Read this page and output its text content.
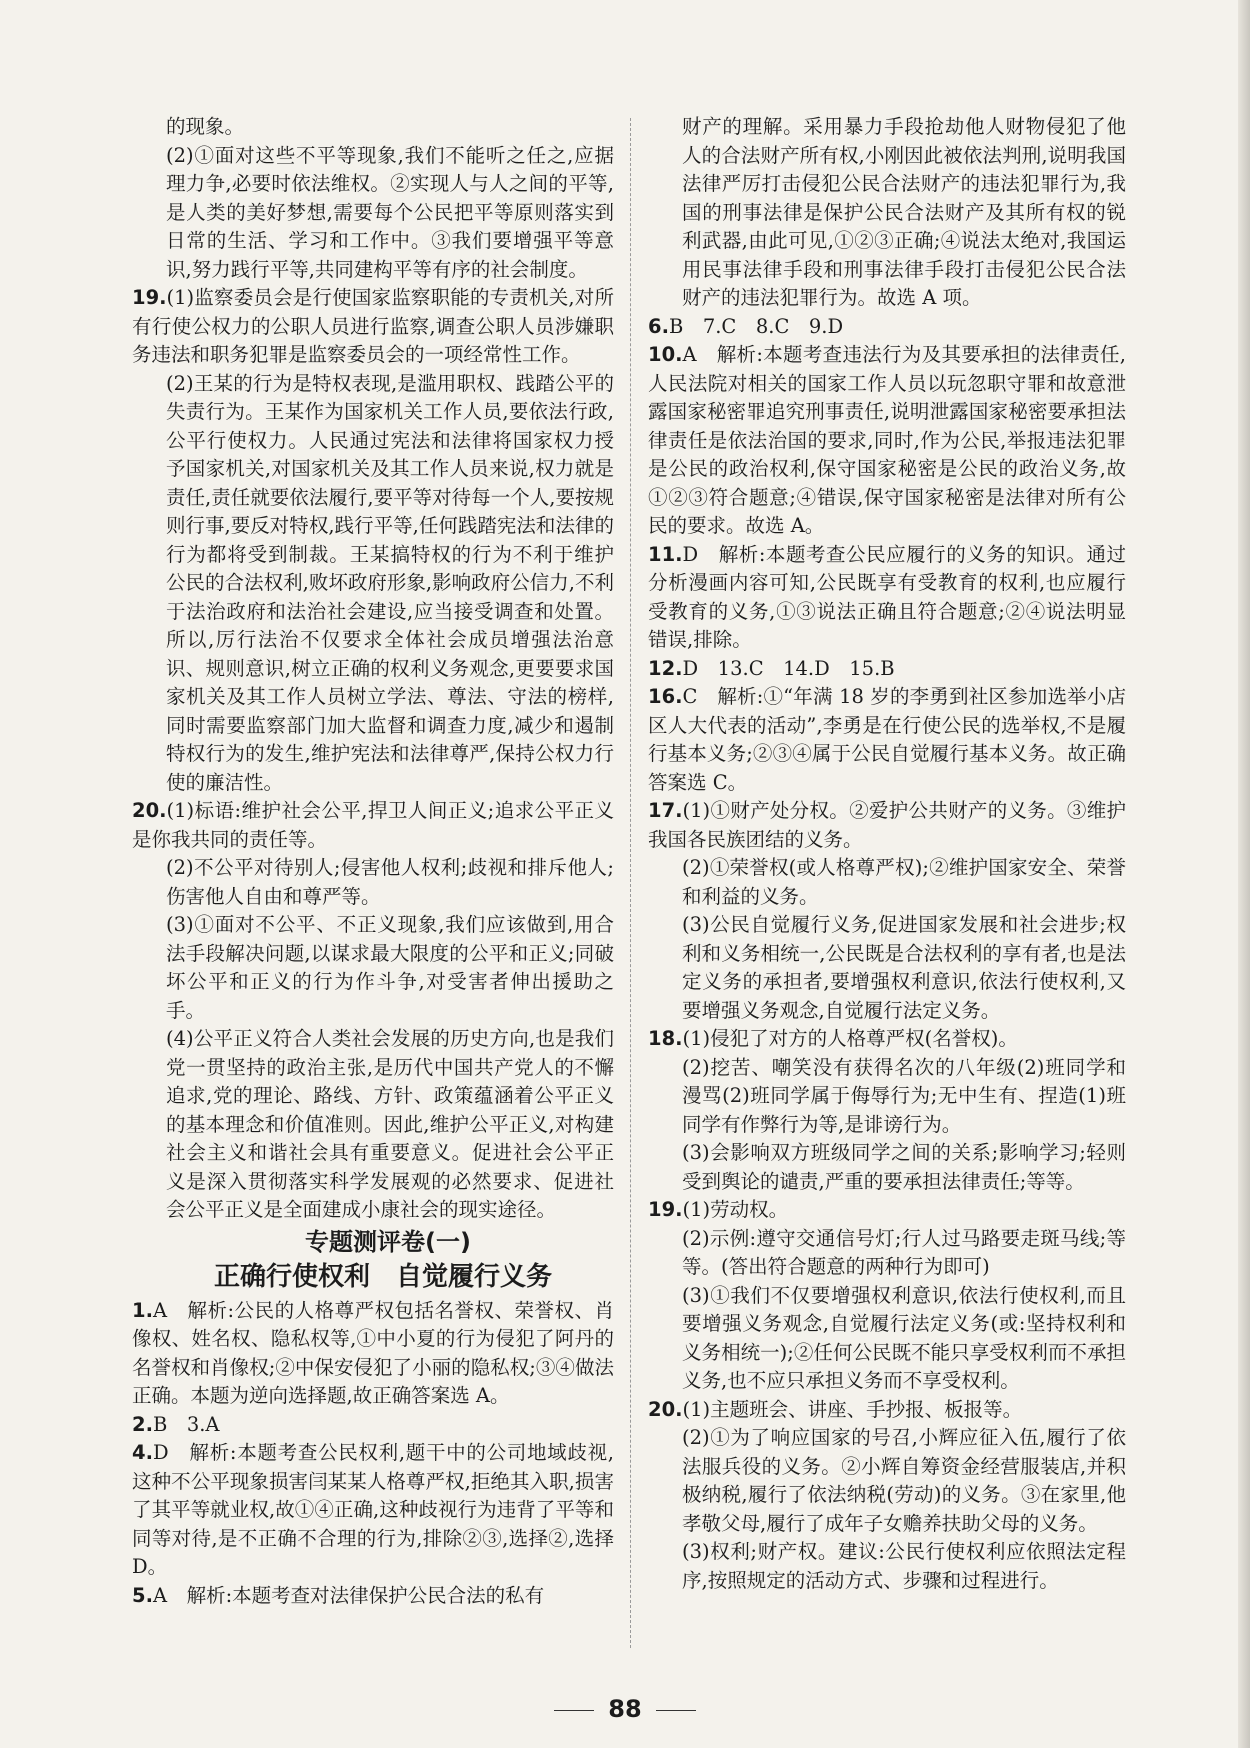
的现象。

(2)①面对这些不平等现象,我们不能听之任之,应据理力争,必要时依法维权。②实现人与人之间的平等,是人类的美好梦想,需要每个公民把平等原则落实到日常的生活、学习和工作中。③我们要增强平等意识,努力践行平等,共同建构平等有序的社会制度。

19.(1)监察委员会是行使国家监察职能的专责机关,对所有行使公权力的公职人员进行监察,调查公职人员涉嫌职务违法和职务犯罪是监察委员会的一项经常性工作。

(2)王某的行为是特权表现,是滥用职权、践踏公平的失责行为。王某作为国家机关工作人员,要依法行政,公平行使权力。人民通过宪法和法律将国家权力授予国家机关,对国家机关及其工作人员来说,权力就是责任,责任就要依法履行,要平等对待每一个人,要按规则行事,要反对特权,践行平等,任何践踏宪法和法律的行为都将受到制裁。王某搞特权的行为不利于维护公民的合法权利,败坏政府形象,影响政府公信力,不利于法治政府和法治社会建设,应当接受调查和处置。所以,厉行法治不仅要求全体社会成员增强法治意识、规则意识,树立正确的权利义务观念,更要要求国家机关及其工作人员树立学法、尊法、守法的榜样,同时需要监察部门加大监督和调查力度,减少和遏制特权行为的发生,维护宪法和法律尊严,保持公权力行使的廉洁性。

20.(1)标语:维护社会公平,捍卫人间正义;追求公平正义是你我共同的责任等。

(2)不公平对待别人;侵害他人权利;歧视和排斥他人;伤害他人自由和尊严等。

(3)①面对不公平、不正义现象,我们应该做到,用合法手段解决问题,以谋求最大限度的公平和正义;同破坏公平和正义的行为作斗争,对受害者伸出援助之手。

(4)公平正义符合人类社会发展的历史方向,也是我们党一贯坚持的政治主张,是历代中国共产党人的不懈追求,党的理论、路线、方针、政策蕴涵着公平正义的基本理念和价值准则。因此,维护公平正义,对构建社会主义和谐社会具有重要意义。促进社会公平正义是深入贯彻落实科学发展观的必然要求、促进社会公平正义是全面建成小康社会的现实途径。

专题测评卷(一)

正确行使权利　自觉履行义务

1.A　解析:公民的人格尊严权包括名誉权、荣誉权、肖像权、姓名权、隐私权等,①中小夏的行为侵犯了阿丹的名誉权和肖像权;②中保安侵犯了小丽的隐私权;③④做法正确。本题为逆向选择题,故正确答案选 A。

2.B　3.A

4.D　解析:本题考查公民权利,题干中的公司地域歧视,这种不公平现象损害闫某某人格尊严权,拒绝其入职,损害了其平等就业权,故①④正确,这种歧视行为违背了平等和同等对待,是不正确不合理的行为,排除②③,选择②,选择 D。

5.A　解析:本题考查对法律保护公民合法的私有

财产的理解。采用暴力手段抢劫他人财物侵犯了他人的合法财产所有权,小刚因此被依法判刑,说明我国法律严厉打击侵犯公民合法财产的违法犯罪行为,我国的刑事法律是保护公民合法财产及其所有权的锐利武器,由此可见,①②③正确;④说法太绝对,我国运用民事法律手段和刑事法律手段打击侵犯公民合法财产的违法犯罪行为。故选 A 项。

6.B　7.C　8.C　9.D

10.A　解析:本题考查违法行为及其要承担的法律责任,人民法院对相关的国家工作人员以玩忽职守罪和故意泄露国家秘密罪追究刑事责任,说明泄露国家秘密要承担法律责任是依法治国的要求,同时,作为公民,举报违法犯罪是公民的政治权利,保守国家秘密是公民的政治义务,故①②③符合题意;④错误,保守国家秘密是法律对所有公民的要求。故选 A。

11.D　解析:本题考查公民应履行的义务的知识。通过分析漫画内容可知,公民既享有受教育的权利,也应履行受教育的义务,①③说法正确且符合题意;②④说法明显错误,排除。

12.D　13.C　14.D　15.B

16.C　解析:①“年满 18 岁的李勇到社区参加选举小店区人大代表的活动”,李勇是在行使公民的选举权,不是履行基本义务;②③④属于公民自觉履行基本义务。故正确答案选 C。

17.(1)①财产处分权。②爱护公共财产的义务。③维护我国各民族团结的义务。

(2)①荣誉权(或人格尊严权);②维护国家安全、荣誉和利益的义务。

(3)公民自觉履行义务,促进国家发展和社会进步;权利和义务相统一,公民既是合法权利的享有者,也是法定义务的承担者,要增强权利意识,依法行使权利,又要增强义务观念,自觉履行法定义务。

18.(1)侵犯了对方的人格尊严权(名誉权)。

(2)挖苦、嘲笑没有获得名次的八年级(2)班同学和漫骂(2)班同学属于侮辱行为;无中生有、捏造(1)班同学有作弊行为等,是诽谤行为。

(3)会影响双方班级同学之间的关系;影响学习;轻则受到舆论的谴责,严重的要承担法律责任;等等。

19.(1)劳动权。

(2)示例:遵守交通信号灯;行人过马路要走斑马线;等等。(答出符合题意的两种行为即可)

(3)①我们不仅要增强权利意识,依法行使权利,而且要增强义务观念,自觉履行法定义务(或:坚持权利和义务相统一);②任何公民既不能只享受权利而不承担义务,也不应只承担义务而不享受权利。

20.(1)主题班会、讲座、手抄报、板报等。

(2)①为了响应国家的号召,小辉应征入伍,履行了依法服兵役的义务。②小辉自筹资金经营服装店,并积极纳税,履行了依法纳税(劳动)的义务。③在家里,他孝敬父母,履行了成年子女赡养扶助父母的义务。

(3)权利;财产权。建议:公民行使权利应依照法定程序,按照规定的活动方式、步骤和过程进行。

88
